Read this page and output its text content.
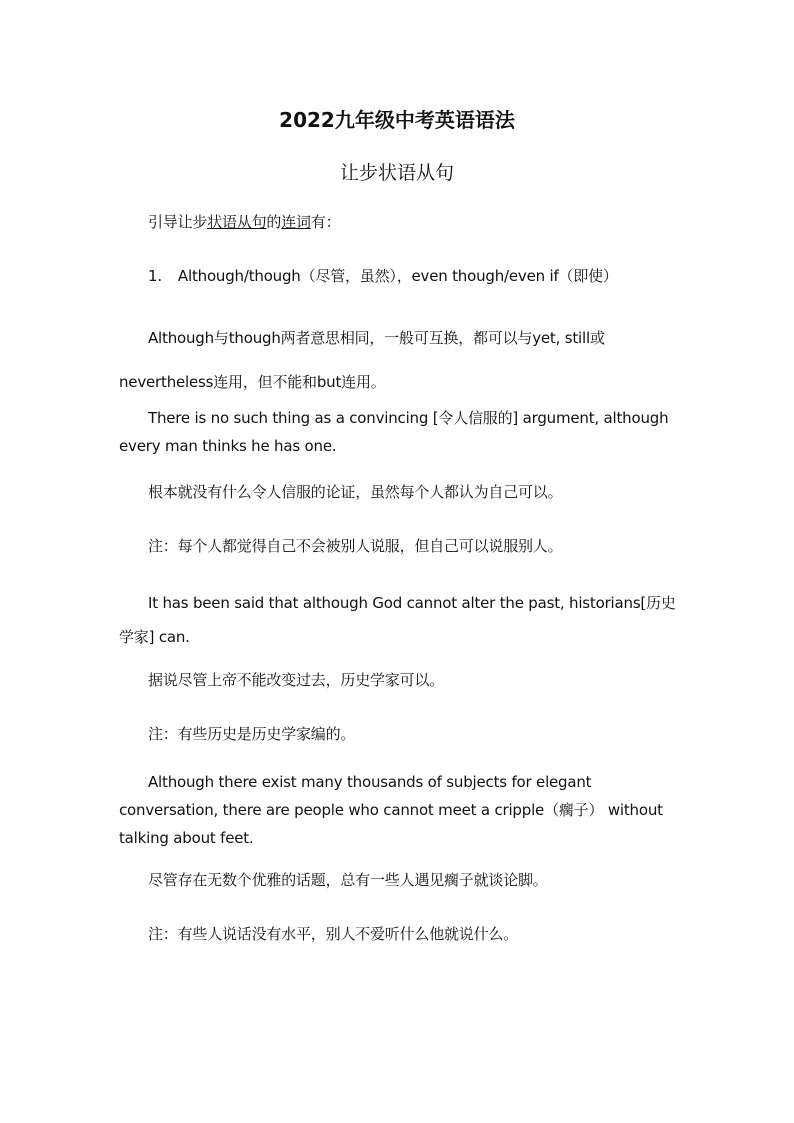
2022九年级中考英语语法
让步状语从句
引导让步状语从句的连词有：
1. Although/though（尽管，虽然），even though/even if（即使）
Although与though两者意思相同，一般可互换，都可以与yet, still或nevertheless连用，但不能和but连用。
There is no such thing as a convincing [令人信服的] argument, although every man thinks he has one.
根本就没有什么令人信服的论证，虽然每个人都认为自己可以。
注：每个人都觉得自己不会被别人说服，但自己可以说服别人。
It has been said that although God cannot alter the past, historians[历史学家] can.
据说尽管上帝不能改变过去，历史学家可以。
注：有些历史是历史学家编的。
Although there exist many thousands of subjects for elegant conversation, there are people who cannot meet a cripple（瘸子） without talking about feet.
尽管存在无数个优雅的话题，总有一些人遇见瘸子就谈论脚。
注：有些人说话没有水平，别人不爱听什么他就说什么。
